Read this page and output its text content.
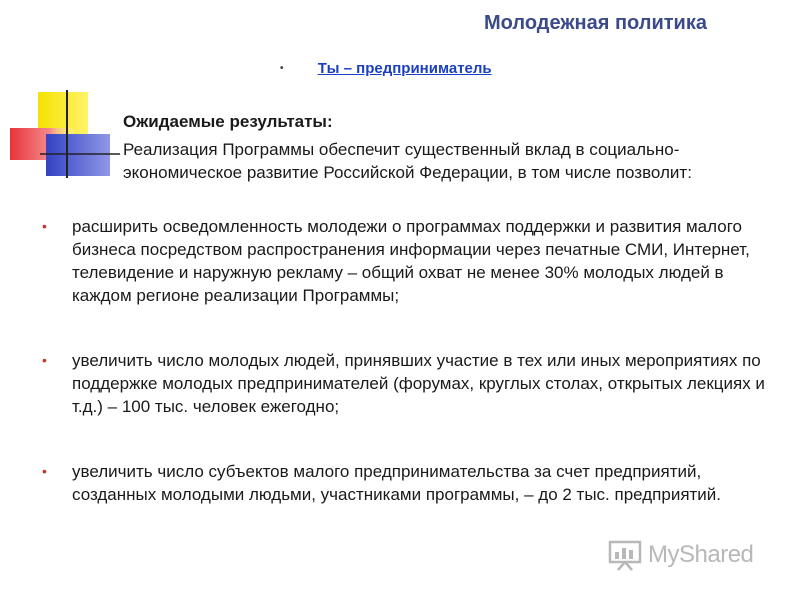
Молодежная политика
• Ты – предприниматель
Ожидаемые результаты:
Реализация Программы обеспечит существенный вклад в социально-экономическое развитие Российской Федерации, в том числе позволит:
• расширить осведомленность молодежи о программах поддержки и развития малого бизнеса посредством распространения информации через печатные СМИ, Интернет, телевидение и наружную рекламу – общий охват не менее 30% молодых людей в каждом регионе реализации Программы;
• увеличить число молодых людей, принявших участие в тех или иных мероприятиях по поддержке молодых предпринимателей (форумах, круглых столах, открытых лекциях и т.д.) – 100 тыс. человек ежегодно;
• увеличить число субъектов малого предпринимательства за счет предприятий, созданных молодыми людьми, участниками программы, – до 2 тыс. предприятий.
MyShared
